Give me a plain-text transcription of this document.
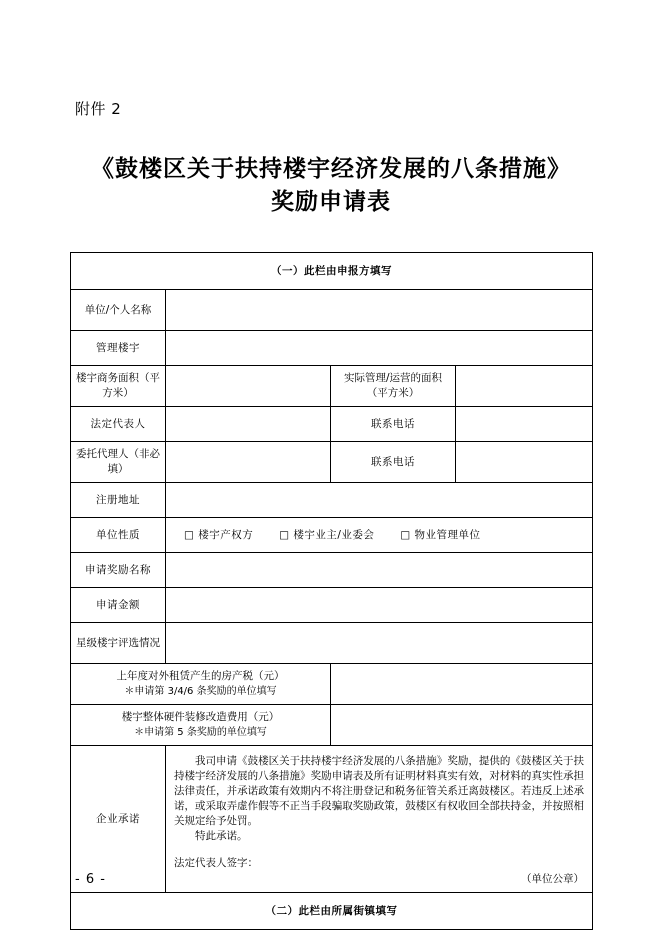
附件 2
《鼓楼区关于扶持楼宇经济发展的八条措施》
奖励申请表
（一）此栏由申报方填写			
单位/个人名称			
管理楼宇			
楼宇商务面积（平方米）		实际管理/运营的面积（平方米）	
法定代表人		联系电话	
委托代理人（非必填）		联系电话	
注册地址			
单位性质	□ 楼宇产权方 □ 楼宇业主/业委会 □ 物业管理单位		
申请奖励名称			
申请金额			
星级楼宇评选情况			
上年度对外租赁产生的房产税（元）
＊申请第 3/4/6 条奖励的单位填写			

楼宇整体硬件装修改造费用（元）
＊申请第 5 条奖励的单位填写			

企业承诺	我司申请《鼓楼区关于扶持楼宇经济发展的八条措施》奖励，提供的《鼓楼区关于扶持楼宇经济发展的八条措施》奖励申请表及所有证明材料真实有效，对材料的真实性承担法律责任，并承诺政策有效期内不将注册登记和税务征管关系迁离鼓楼区。若违反上述承诺，或采取弄虚作假等不正当手段骗取奖励政策，鼓楼区有权收回全部扶持金，并按照相关规定给予处罚。

特此承诺。

法定代表人签字：
（单位公章）		

（二）此栏由所属街镇填写			
- 6 -
